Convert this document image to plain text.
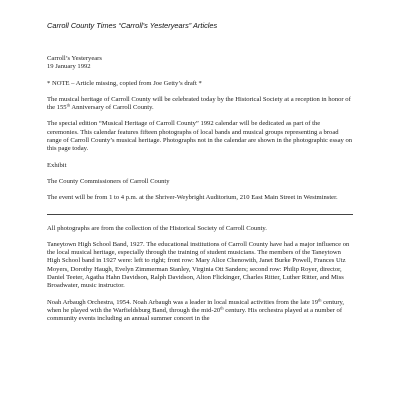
Carroll County Times “Carroll’s Yesteryears” Articles
Carroll’s Yesteryears
19 January 1992
* NOTE – Article missing, copied from Joe Getty’s draft *
The musical heritage of Carroll County will be celebrated today by the Historical Society at a reception in honor of the 155th Anniversary of Carroll County.
The special edition “Musical Heritage of Carroll County” 1992 calendar will be dedicated as part of the ceremonies. This calendar features fifteen photographs of local bands and musical groups representing a broad range of Carroll County’s musical heritage. Photographs not in the calendar are shown in the photographic essay on this page today.
Exhibit
The County Commissioners of Carroll County
The event will be from 1 to 4 p.m. at the Shriver-Weybright Auditorium, 210 East Main Street in Westminster.
All photographs are from the collection of the Historical Society of Carroll County.
Taneytown High School Band, 1927. The educational institutions of Carroll County have had a major influence on the local musical heritage, especially through the training of student musicians. The members of the Taneytown High School band in 1927 were: left to right; front row: Mary Alice Chenowith, Janet Burke Powell, Frances Utz Moyers, Dorothy Haugh, Evelyn Zimmerman Stanley, Virginia Ott Sanders; second row: Philip Royer, director, Daniel Teeter, Agatha Hahn Davidson, Ralph Davidson, Alton Flickinger, Charles Ritter, Luther Ritter, and Miss Broadwater, music instructor.
Noah Arbaugh Orchestra, 1954. Noah Arbaugh was a leader in local musical activities from the late 19th century, when he played with the Warfieldsburg Band, through the mid-20th century. His orchestra played at a number of community events including an annual summer concert in the
